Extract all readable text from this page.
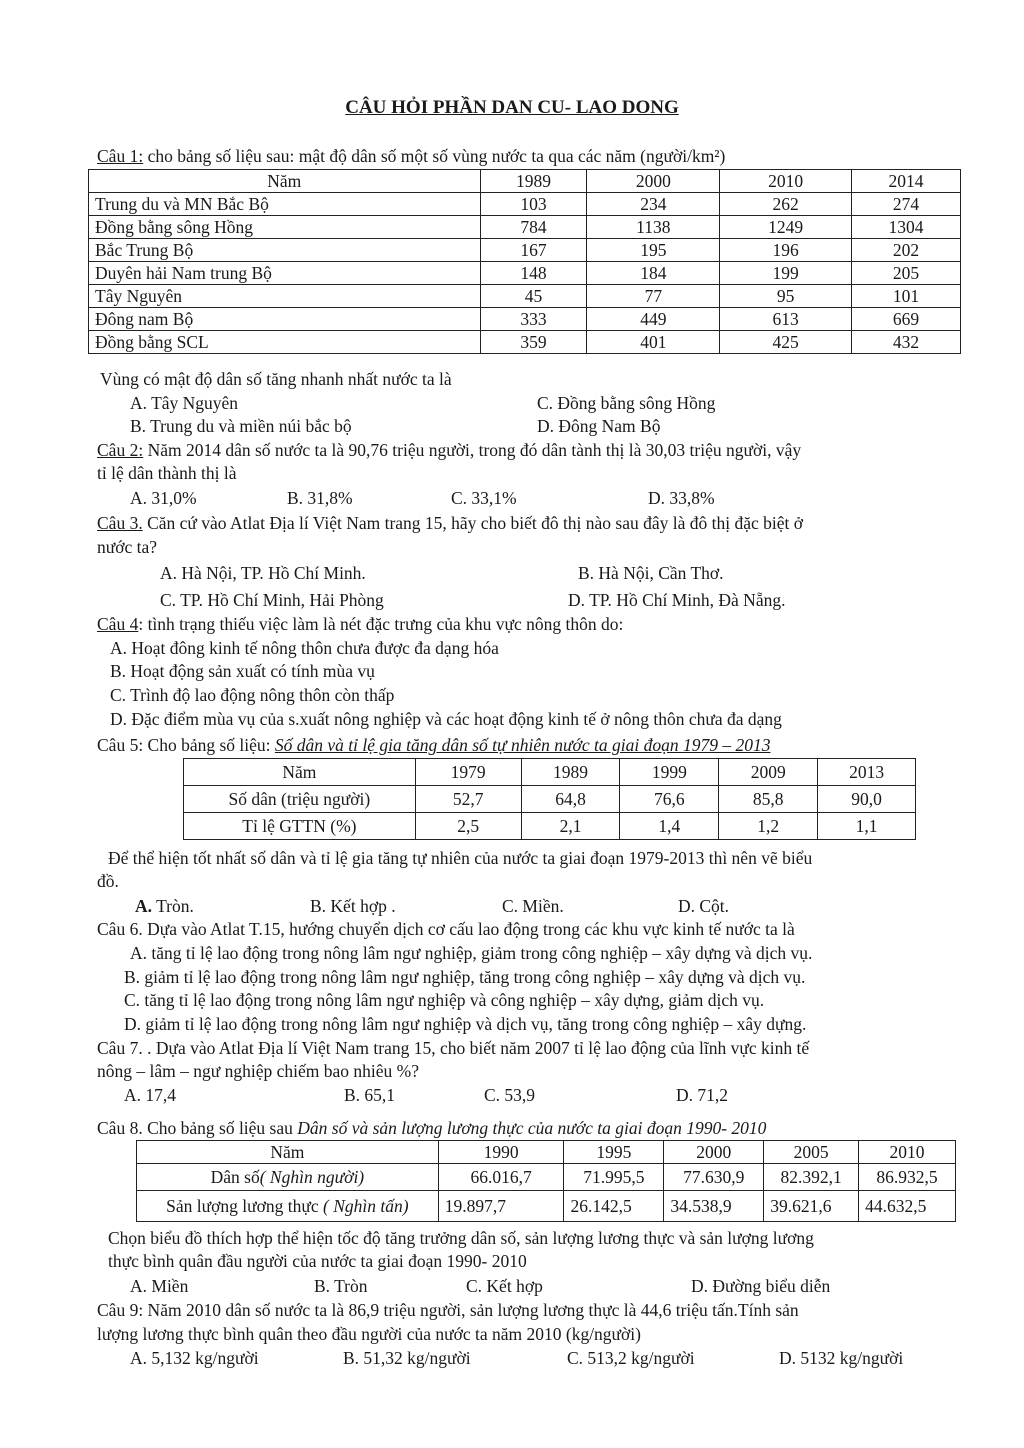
CÂU HỎI PHẦN DAN CU- LAO DONG
Câu 1: cho bảng số liệu sau: mật độ dân số một số vùng nước ta qua các năm (người/km²)
Năm	1989	2000	2010	2014
Trung du và MN Bắc Bộ	103	234	262	274
Đồng bằng sông Hồng	784	1138	1249	1304
Bắc Trung Bộ	167	195	196	202
Duyên hải Nam trung Bộ	148	184	199	205
Tây Nguyên	45	77	95	101
Đông nam Bộ	333	449	613	669
Đồng bằng SCL	359	401	425	432
Vùng có mật độ dân số tăng nhanh nhất nước ta là
A. Tây Nguyên	C. Đồng bằng sông Hồng
B. Trung du và miền núi bắc bộ	D. Đông Nam Bộ
Câu 2: Năm 2014 dân số nước ta là 90,76 triệu người, trong đó dân tành thị là 30,03 triệu người, vậy
tỉ lệ dân thành thị là
A. 31,0%	B. 31,8%	C. 33,1%	D. 33,8%
Câu 3. Căn cứ vào Atlat Địa lí Việt Nam trang 15, hãy cho biết đô thị nào sau đây là đô thị đặc biệt ở
nước ta?
A. Hà Nội, TP. Hồ Chí Minh.	B. Hà Nội, Cần Thơ.
C. TP. Hồ Chí Minh, Hải Phòng	D. TP. Hồ Chí Minh, Đà Nẵng.
Câu 4: tình trạng thiếu việc làm là nét đặc trưng của khu vực nông thôn do:
A. Hoạt đông kinh tế nông thôn chưa được đa dạng hóa
B. Hoạt động sản xuất có tính mùa vụ
C. Trình độ lao động nông thôn còn thấp
D. Đặc điểm mùa vụ của s.xuất nông nghiệp và các hoạt động kinh tế ở nông thôn chưa đa dạng
Câu 5: Cho bảng số liệu: Số dân và tỉ lệ gia tăng dân số tự nhiên nước ta giai đoạn 1979 – 2013
Năm	1979	1989	1999	2009	2013
Số dân (triệu người)	52,7	64,8	76,6	85,8	90,0
Tỉ lệ GTTN (%)	2,5	2,1	1,4	1,2	1,1
Để thể hiện tốt nhất số dân và tỉ lệ gia tăng tự nhiên của nước ta giai đoạn 1979-2013 thì nên vẽ biểu
đồ.
A. Tròn.	B. Kết hợp .	C. Miền.	D. Cột.
Câu 6. Dựa vào Atlat T.15, hướng chuyển dịch cơ cấu lao động trong các khu vực kinh tế nước ta là
A. tăng tỉ lệ lao động trong nông lâm ngư nghiệp, giảm trong công nghiệp – xây dựng và dịch vụ.
B. giảm tỉ lệ lao động trong nông lâm ngư nghiệp, tăng trong công nghiệp – xây dựng và dịch vụ.
C. tăng tỉ lệ lao động trong nông lâm ngư nghiệp và công nghiệp – xây dựng, giảm dịch vụ.
D. giảm tỉ lệ lao động trong nông lâm ngư nghiệp và dịch vụ, tăng trong công nghiệp – xây dựng.
Câu 7. . Dựa vào Atlat Địa lí Việt Nam trang 15, cho biết năm 2007 tỉ lệ lao động của lĩnh vực kinh tế
nông – lâm – ngư nghiệp chiếm bao nhiêu %?
A. 17,4	B. 65,1	C. 53,9	D. 71,2
Câu 8. Cho bảng số liệu sau Dân số và sản lượng lương thực của nước ta giai đoạn 1990- 2010
Năm	1990	1995	2000	2005	2010
Dân số( Nghìn người)	66.016,7	71.995,5	77.630,9	82.392,1	86.932,5
Sản lượng lương thực ( Nghìn tấn)	19.897,7	26.142,5	34.538,9	39.621,6	44.632,5
Chọn biểu đồ thích hợp thể hiện tốc độ tăng trưởng dân số, sản lượng lương thực và sản lượng lương
thực bình quân đầu người của nước ta giai đoạn 1990- 2010
A. Miền	B. Tròn	C. Kết hợp	D. Đường biểu diễn
Câu 9: Năm 2010 dân số nước ta là 86,9 triệu người, sản lượng lương thực là 44,6 triệu tấn.Tính sản
lượng lương thực bình quân theo đầu người của nước ta năm 2010 (kg/người)
A. 5,132 kg/người	B. 51,32 kg/người	C. 513,2 kg/người	D. 5132 kg/người
